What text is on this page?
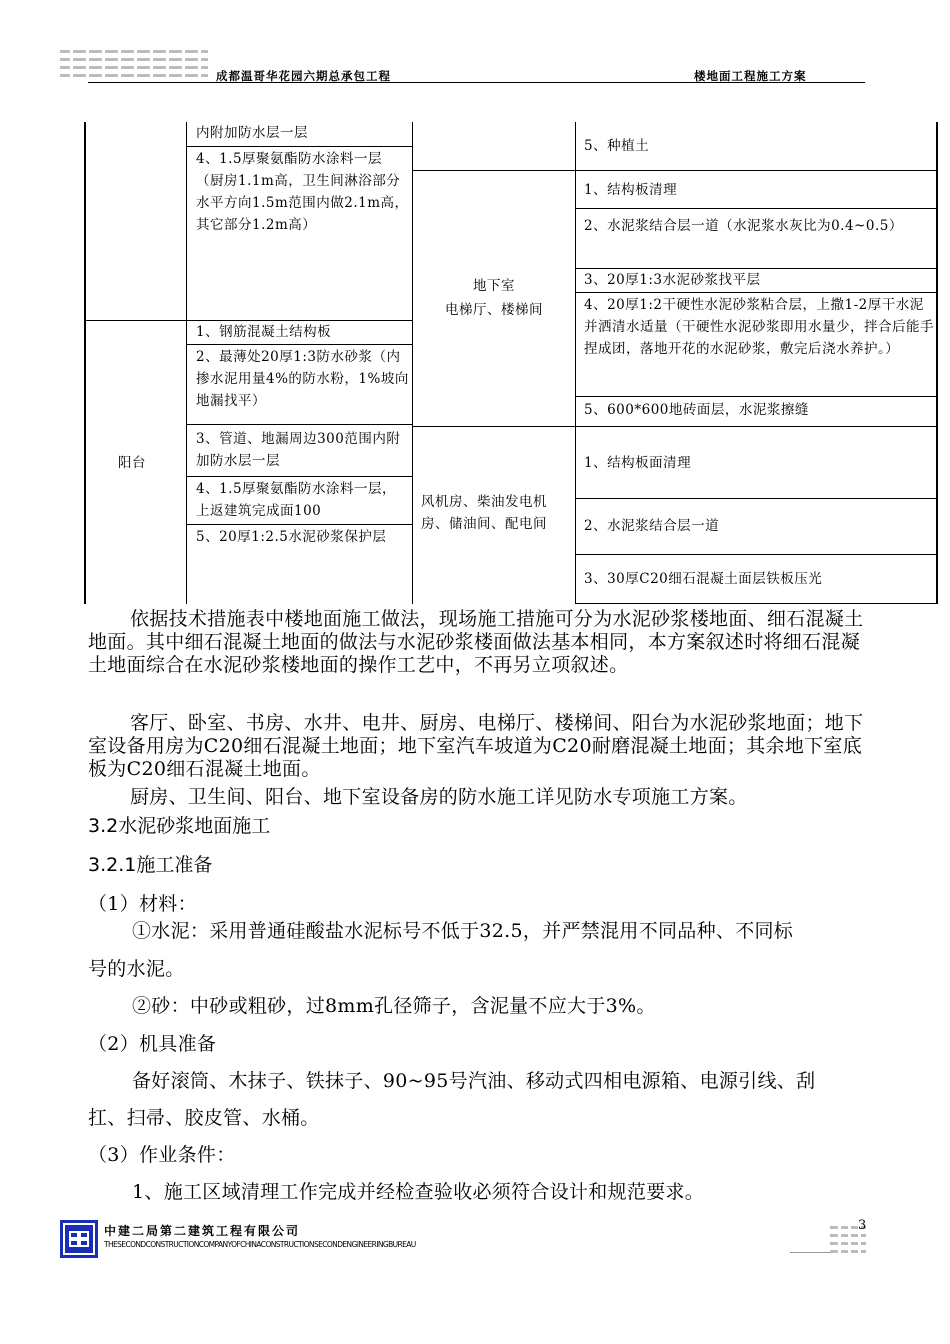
成都温哥华花园六期总承包工程	楼地面工程施工方案
内附加防水层一层
4、1.5厚聚氨酯防水涂料一层（厨房1.1m高，卫生间淋浴部分水平方向1.5m范围内做2.1m高，其它部分1.2m高）
阳台
1、钢筋混凝土结构板
2、最薄处20厚1:3防水砂浆（内掺水泥用量4%的防水粉，1%坡向地漏找平）
3、管道、地漏周边300范围内附加防水层一层
4、1.5厚聚氨酯防水涂料一层，上返建筑完成面100
5、20厚1:2.5水泥砂浆保护层
地下室
电梯厅、楼梯间
风机房、柴油发电机房、储油间、配电间
5、种植土
1、结构板清理
2、水泥浆结合层一道（水泥浆水灰比为0.4~0.5）
3、20厚1:3水泥砂浆找平层
4、20厚1:2干硬性水泥砂浆粘合层，上撒1-2厚干水泥并洒清水适量（干硬性水泥砂浆即用水量少，拌合后能手捏成团，落地开花的水泥砂浆，敷完后浇水养护。）
5、600*600地砖面层，水泥浆擦缝
1、结构板面清理
2、水泥浆结合层一道
3、30厚C20细石混凝土面层铁板压光
依据技术措施表中楼地面施工做法，现场施工措施可分为水泥砂浆楼地面、细石混凝土地面。其中细石混凝土地面的做法与水泥砂浆楼面做法基本相同，本方案叙述时将细石混凝土地面综合在水泥砂浆楼地面的操作工艺中，不再另立项叙述。
客厅、卧室、书房、水井、电井、厨房、电梯厅、楼梯间、阳台为水泥砂浆地面；地下室设备用房为C20细石混凝土地面；地下室汽车坡道为C20耐磨混凝土地面；其余地下室底板为C20细石混凝土地面。
厨房、卫生间、阳台、地下室设备房的防水施工详见防水专项施工方案。
3.2水泥砂浆地面施工
3.2.1施工准备
（1）材料：
①水泥：采用普通硅酸盐水泥标号不低于32.5，并严禁混用不同品种、不同标
号的水泥。
②砂：中砂或粗砂，过8mm孔径筛子，含泥量不应大于3%。
（2）机具准备
备好滚筒、木抹子、铁抹子、90~95号汽油、移动式四相电源箱、电源引线、刮
扛、扫帚、胶皮管、水桶。
（3）作业条件：
1、施工区域清理工作完成并经检查验收必须符合设计和规范要求。
中建二局第二建筑工程有限公司
THESECONDCONSTRUCTIONCOMPANYOFCHINACONSTRUCTIONSECONDENGINEERINGBUREAU
3
